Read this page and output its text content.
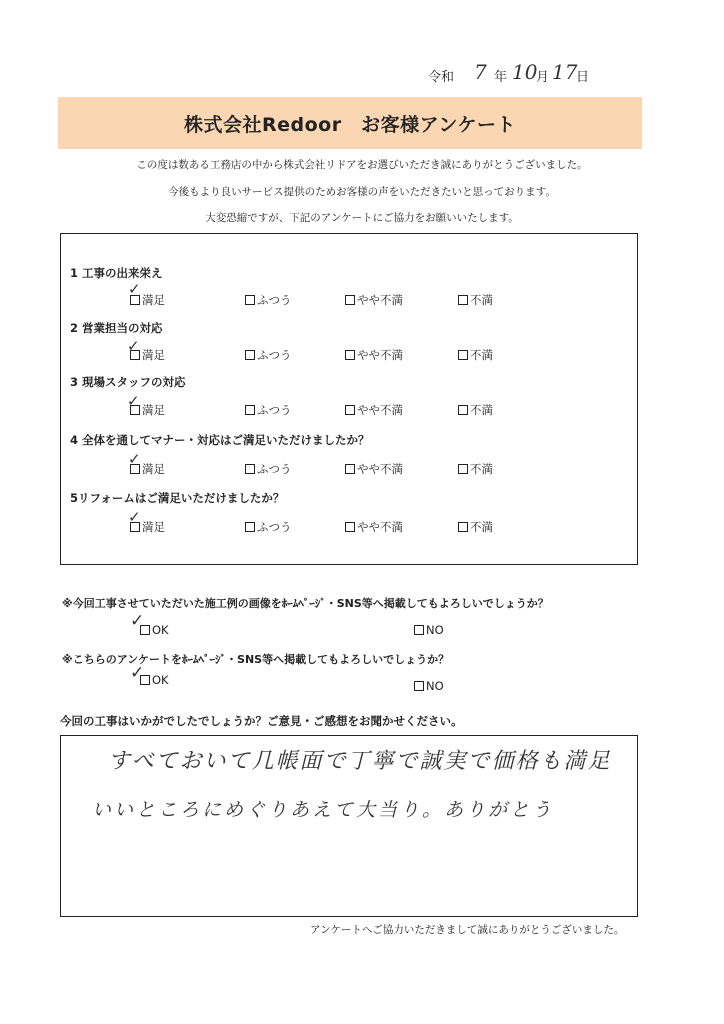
令和 7 年 10
月 17
日
株式会社Redoor　お客様アンケート
この度は数ある工務店の中から株式会社リドアをお選びいただき誠にありがとうございました。
今後もより良いサービス提供のためお客様の声をいただきたいと思っております。
大変恐縮ですが、下記のアンケートにご協力をお願いいたします。
1 工事の出来栄え
満足
✓
ふつう	やや不満	不満
2 営業担当の対応
満足
✓	ふつう	やや不満	不満
3 現場スタッフの対応
満足
✓	ふつう	やや不満	不満
4 全体を通してマナー・対応はご満足いただけましたか？
満足
✓
ふつう	やや不満	不満
5リフォームはご満足いただけましたか？
満足
✓
ふつう	やや不満	不満
※今回工事させていただいた施工例の画像をﾎｰﾑﾍﾟｰｼﾞ・SNS等へ掲載してもよろしいでしょうか？
OK
✓	NO
※こちらのアンケートをﾎｰﾑﾍﾟｰｼﾞ・SNS等へ掲載してもよろしいでしょうか？
OK
✓
NO
今回の工事はいかがでしたでしょうか？ご意見・ご感想をお聞かせください。
すべておいて几帳面で丁寧で誠実で価格も満足
いいところにめぐりあえて大当り。ありがとう
アンケートへご協力いただきまして誠にありがとうございました。
